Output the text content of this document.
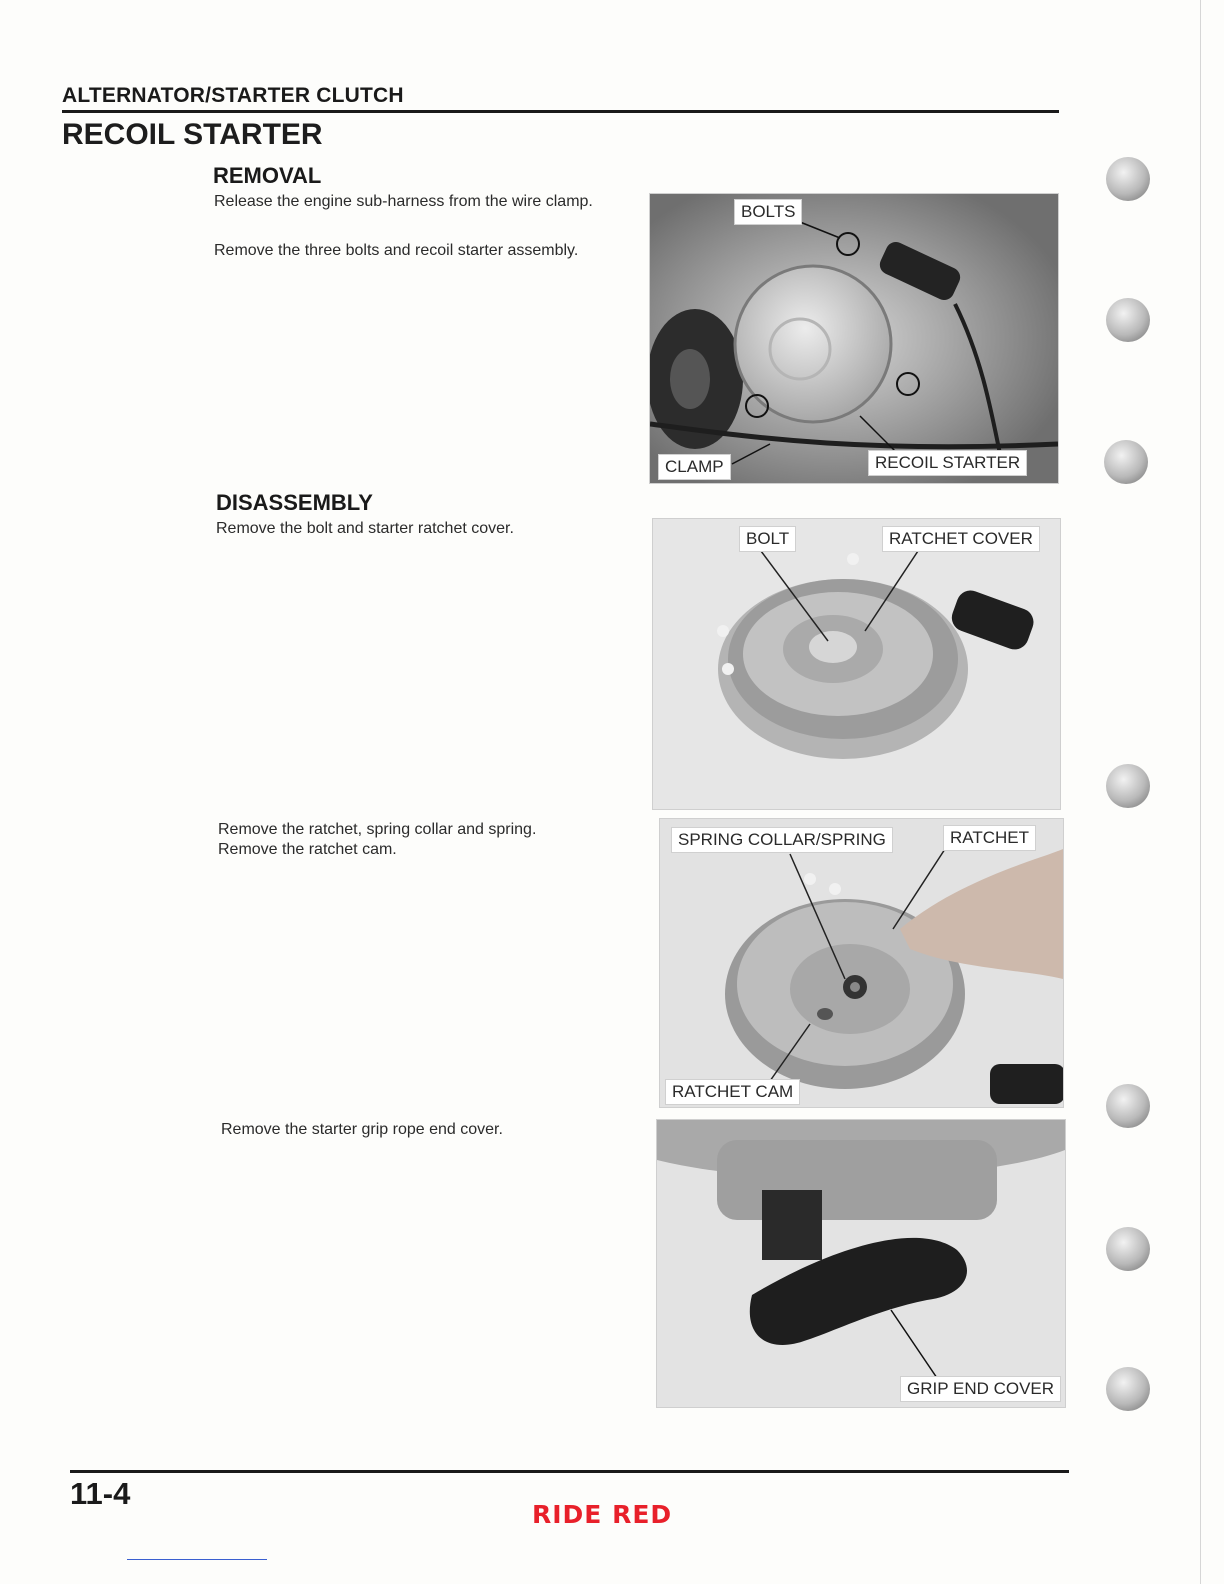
ALTERNATOR/STARTER CLUTCH
RECOIL STARTER
REMOVAL
Release the engine sub-harness from the wire clamp.
Remove the three bolts and recoil starter assembly.
BOLTS
CLAMP	RECOIL STARTER
DISASSEMBLY
Remove the bolt and starter ratchet cover.
BOLT	RATCHET COVER
Remove the ratchet, spring collar and spring.
Remove the ratchet cam.
SPRING COLLAR/SPRING	RATCHET
RATCHET CAM
Remove the starter grip rope end cover.
GRIP END COVER
11-4
RIDE RED
